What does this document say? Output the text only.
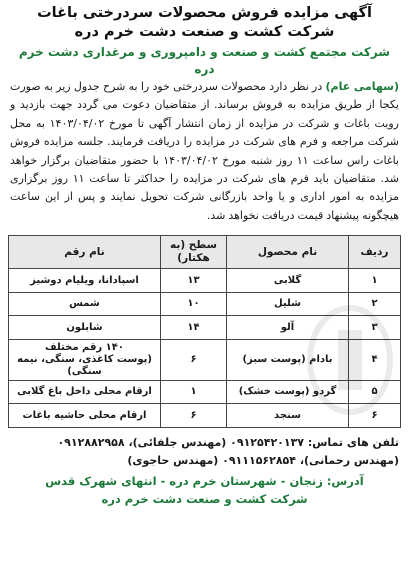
آگهی مزایده فروش محصولات سردرختی باغات
شرکت کشت و صنعت دشت خرم دره

شرکت مجتمع کشت و صنعت و دامپروری و مرغداری دشت خرم دره

(سهامی عام) در نظر دارد محصولات سردرختی خود را به شرح جدول زیر به صورت یکجا از طریق مزایده به فروش برساند. از متقاضیان دعوت می گردد جهت بازدید و رویت باغات و شرکت در مزایده از زمان انتشار آگهی تا مورخ ۱۴۰۳/۰۴/۰۲ به محل شرکت مراجعه و فرم های شرکت در مزایده را دریافت فرمایند. جلسه مزایده فروش باغات راس ساعت ۱۱ روز شنبه مورخ ۱۴۰۳/۰۴/۰۲ با حضور متقاضیان برگزار خواهد شد. متقاضیان باید فرم های شرکت در مزایده را حداکثر تا ساعت ۱۱ روز برگزاری مزایده به امور اداری و یا واحد بازرگانی شرکت تحویل نمایند و پس از این ساعت هیچگونه پیشنهاد قیمت دریافت نخواهد شد.

ردیف	نام محصول	سطح (به هکتار)	نام رقم
۱	گلابی	۱۳	اسپادانا، ویلیام دوشیز
۲	شلیل	۱۰	شمس
۳	آلو	۱۴	شابلون
۴	بادام (پوست سبز)	۶	۱۴۰ رقم مختلف
(پوست کاغذی، سنگی، نیمه سنگی)

۵	گردو (پوست خشک)	۱	ارقام محلی داخل باغ گلابی
۶	سنجد	۶	ارقام محلی حاشیه باغات

تلفن های تماس: ۰۹۱۲۵۴۲۰۱۳۷ (مهندس جلفائی)، ۰۹۱۲۸۸۲۹۵۸
(مهندس رحمانی)، ۰۹۱۱۱۵۶۲۸۵۴ (مهندس حاجوی)

آدرس: زنجان - شهرستان خرم دره - انتهای شهرک قدس

شرکت کشت و صنعت دشت خرم دره
